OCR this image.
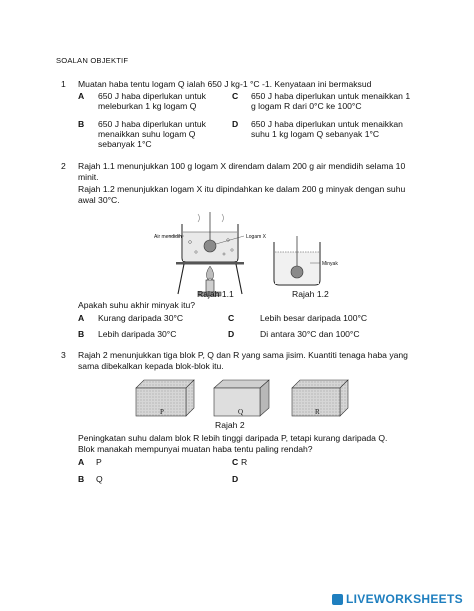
SOALAN OBJEKTIF
1 Muatan haba tentu logam Q ialah 650 J kg-1 °C -1. Kenyataan ini bermaksud
A 650 J haba diperlukan untuk
meleburkan 1 kg logam Q
C 650 J haba diperlukan untuk menaikkan 1
g logam R dari 0°C ke 100°C
B 650 J haba diperlukan untuk
menaikkan suhu logam Q
sebanyak 1°C
D 650 J haba diperlukan untuk menaikkan
suhu 1 kg logam Q sebanyak 1°C
2 Rajah 1.1 menunjukkan 100 g logam X direndam dalam 200 g air mendidih selama 10
minit.
Rajah 1.2 menunjukkan logam X itu dipindahkan ke dalam 200 g minyak dengan suhu
awal 30°C.
Air mendidih	Logam X
Rajah 1.1
Minyak
Rajah 1.2
Apakah suhu akhir minyak itu?
A Kurang daripada 30°C	C	Lebih besar daripada 100°C
B Lebih daripada 30°C	D	Di antara 30°C dan 100°C
3 Rajah 2 menunjukkan tiga blok P, Q dan R yang sama jisim. Kuantiti tenaga haba yang
sama dibekalkan kepada blok-blok itu.
P	Q	R
Rajah 2
Peningkatan suhu dalam blok R lebih tinggi daripada P, tetapi kurang daripada Q.
Blok manakah mempunyai muatan haba tentu paling rendah?
A P	C R
B Q	D
LIVEWORKSHEETS
